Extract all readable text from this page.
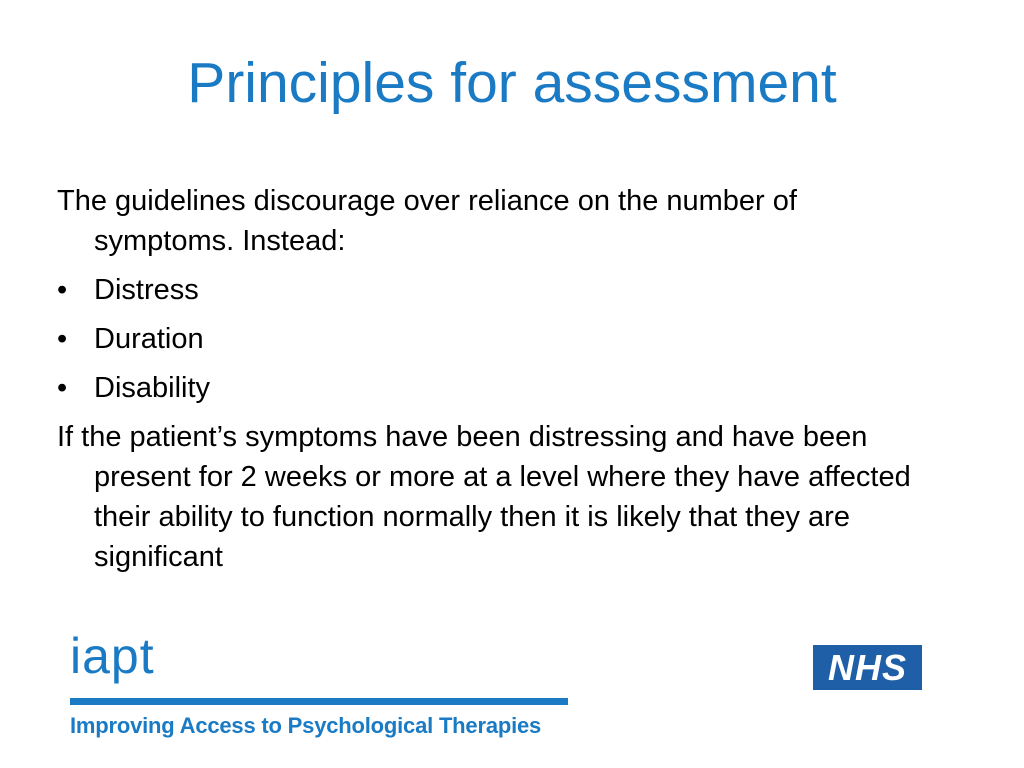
Principles for assessment

The guidelines discourage over reliance on the number of symptoms. Instead:

• Distress
• Duration
• Disability

If the patient’s symptoms have been distressing and have been present for 2 weeks or more at a level where they have affected their ability to function normally then it is likely that they are significant

iapt
Improving Access to Psychological Therapies
NHS
